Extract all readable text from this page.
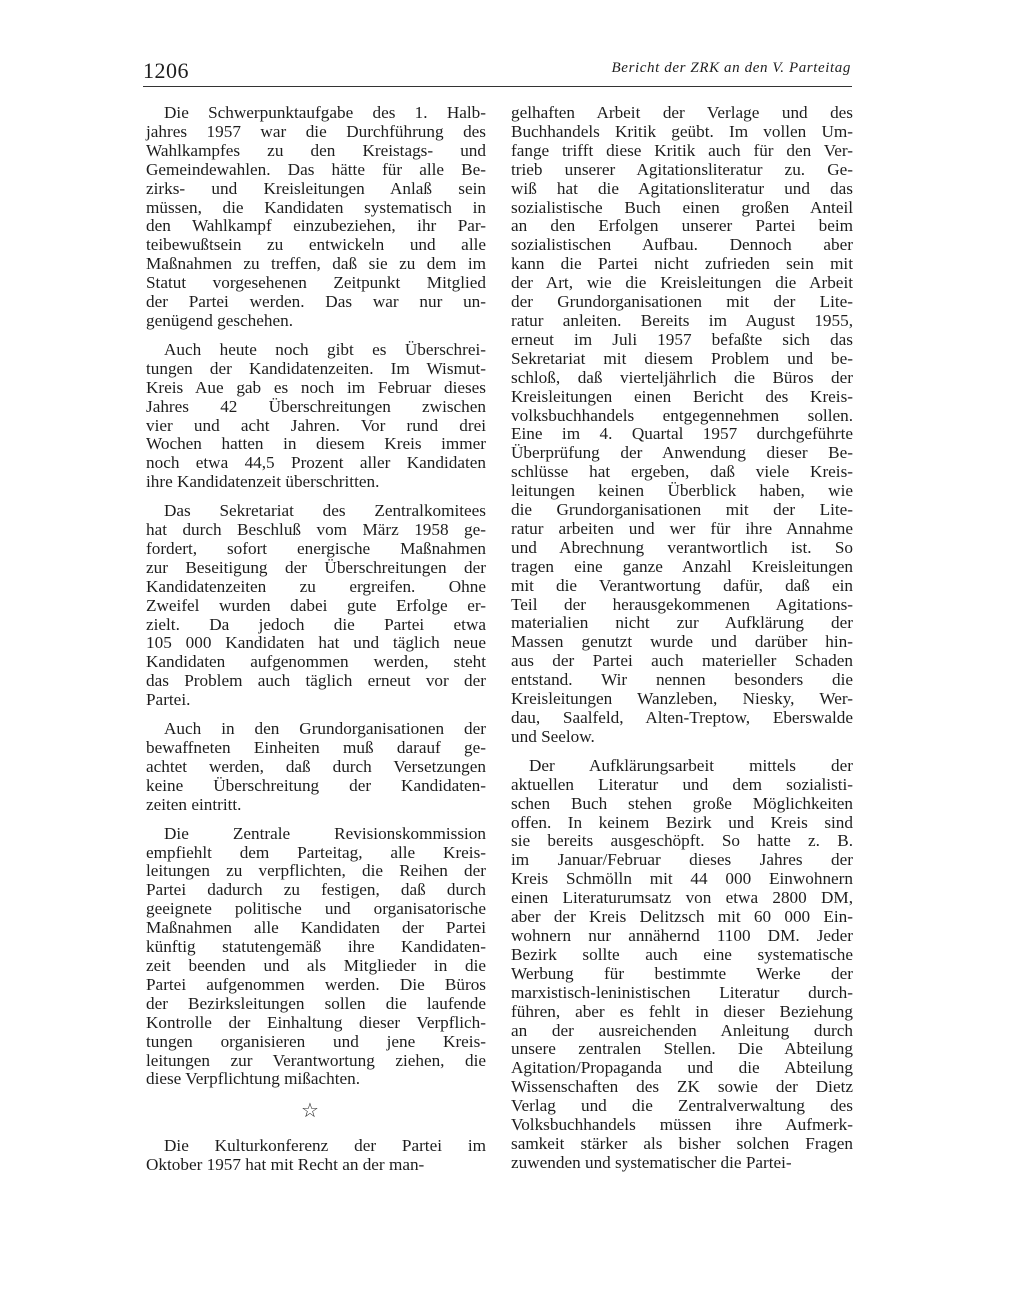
1206	Bericht der ZRK an den V. Parteitag
Die Schwerpunktaufgabe des 1. Halb-
jahres 1957 war die Durchführung des
Wahlkampfes zu den Kreistags- und
Gemeindewahlen. Das hätte für alle Be-
zirks- und Kreisleitungen Anlaß sein
müssen, die Kandidaten systematisch in
den Wahlkampf einzubeziehen, ihr Par-
teibewußtsein zu entwickeln und alle
Maßnahmen zu treffen, daß sie zu dem im
Statut vorgesehenen Zeitpunkt Mitglied
der Partei werden. Das war nur un-
genügend geschehen.
Auch heute noch gibt es Überschrei-
tungen der Kandidatenzeiten. Im Wismut-
Kreis Aue gab es noch im Februar dieses
Jahres 42 Überschreitungen zwischen
vier und acht Jahren. Vor rund drei
Wochen hatten in diesem Kreis immer
noch etwa 44,5 Prozent aller Kandidaten
ihre Kandidatenzeit überschritten.
Das Sekretariat des Zentralkomitees
hat durch Beschluß vom März 1958 ge-
fordert, sofort energische Maßnahmen
zur Beseitigung der Überschreitungen der
Kandidatenzeiten zu ergreifen. Ohne
Zweifel wurden dabei gute Erfolge er-
zielt. Da jedoch die Partei etwa
105 000 Kandidaten hat und täglich neue
Kandidaten aufgenommen werden, steht
das Problem auch täglich erneut vor der
Partei.
Auch in den Grundorganisationen der
bewaffneten Einheiten muß darauf ge-
achtet werden, daß durch Versetzungen
keine Überschreitung der Kandidaten-
zeiten eintritt.
Die Zentrale Revisionskommission
empfiehlt dem Parteitag, alle Kreis-
leitungen zu verpflichten, die Reihen der
Partei dadurch zu festigen, daß durch
geeignete politische und organisatorische
Maßnahmen alle Kandidaten der Partei
künftig statutengemäß ihre Kandidaten-
zeit beenden und als Mitglieder in die
Partei aufgenommen werden. Die Büros
der Bezirksleitungen sollen die laufende
Kontrolle der Einhaltung dieser Verpflich-
tungen organisieren und jene Kreis-
leitungen zur Verantwortung ziehen, die
diese Verpflichtung mißachten.
☆
Die Kulturkonferenz der Partei im
Oktober 1957 hat mit Recht an der man-
gelhaften Arbeit der Verlage und des
Buchhandels Kritik geübt. Im vollen Um-
fange trifft diese Kritik auch für den Ver-
trieb unserer Agitationsliteratur zu. Ge-
wiß hat die Agitationsliteratur und das
sozialistische Buch einen großen Anteil
an den Erfolgen unserer Partei beim
sozialistischen Aufbau. Dennoch aber
kann die Partei nicht zufrieden sein mit
der Art, wie die Kreisleitungen die Arbeit
der Grundorganisationen mit der Lite-
ratur anleiten. Bereits im August 1955,
erneut im Juli 1957 befaßte sich das
Sekretariat mit diesem Problem und be-
schloß, daß vierteljährlich die Büros der
Kreisleitungen einen Bericht des Kreis-
volksbuchhandels entgegennehmen sollen.
Eine im 4. Quartal 1957 durchgeführte
Überprüfung der Anwendung dieser Be-
schlüsse hat ergeben, daß viele Kreis-
leitungen keinen Überblick haben, wie
die Grundorganisationen mit der Lite-
ratur arbeiten und wer für ihre Annahme
und Abrechnung verantwortlich ist. So
tragen eine ganze Anzahl Kreisleitungen
mit die Verantwortung dafür, daß ein
Teil der herausgekommenen Agitations-
materialien nicht zur Aufklärung der
Massen genutzt wurde und darüber hin-
aus der Partei auch materieller Schaden
entstand. Wir nennen besonders die
Kreisleitungen Wanzleben, Niesky, Wer-
dau, Saalfeld, Alten-Treptow, Eberswalde
und Seelow.
Der Aufklärungsarbeit mittels der
aktuellen Literatur und dem sozialisti-
schen Buch stehen große Möglichkeiten
offen. In keinem Bezirk und Kreis sind
sie bereits ausgeschöpft. So hatte z. B.
im Januar/Februar dieses Jahres der
Kreis Schmölln mit 44 000 Einwohnern
einen Literaturumsatz von etwa 2800 DM,
aber der Kreis Delitzsch mit 60 000 Ein-
wohnern nur annähernd 1100 DM. Jeder
Bezirk sollte auch eine systematische
Werbung für bestimmte Werke der
marxistisch-leninistischen Literatur durch-
führen, aber es fehlt in dieser Beziehung
an der ausreichenden Anleitung durch
unsere zentralen Stellen. Die Abteilung
Agitation/Propaganda und die Abteilung
Wissenschaften des ZK sowie der Dietz
Verlag und die Zentralverwaltung des
Volksbuchhandels müssen ihre Aufmerk-
samkeit stärker als bisher solchen Fragen
zuwenden und systematischer die Partei-
